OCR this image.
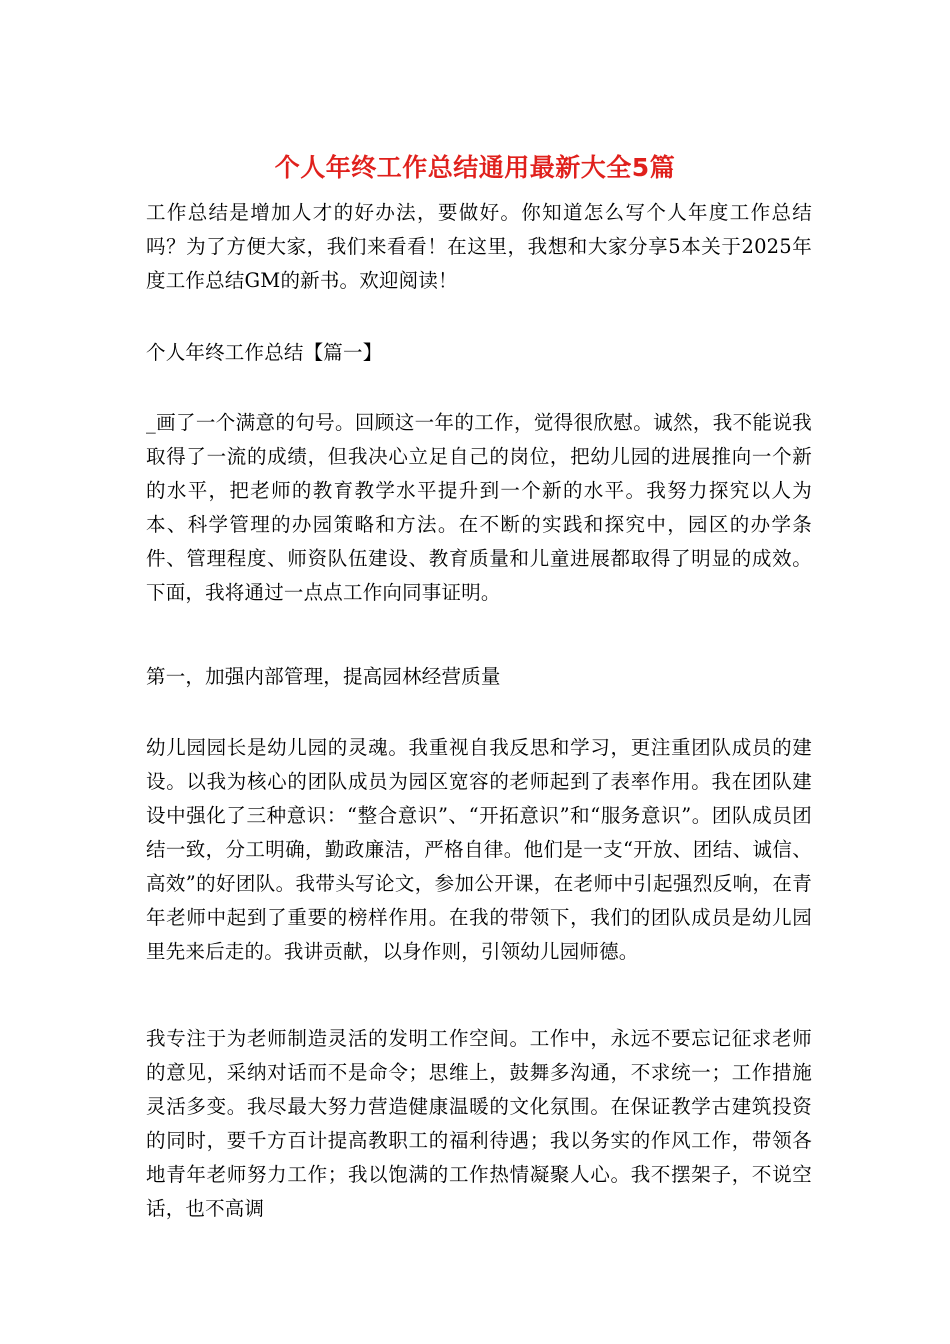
个人年终工作总结通用最新大全5篇

工作总结是增加人才的好办法，要做好。你知道怎么写个人年度工作总结吗？为了方便大家，我们来看看！在这里，我想和大家分享5本关于2025年度工作总结GM的新书。欢迎阅读！

个人年终工作总结【篇一】

_画了一个满意的句号。回顾这一年的工作，觉得很欣慰。诚然，我不能说我取得了一流的成绩，但我决心立足自己的岗位，把幼儿园的进展推向一个新的水平，把老师的教育教学水平提升到一个新的水平。我努力探究以人为本、科学管理的办园策略和方法。在不断的实践和探究中，园区的办学条件、管理程度、师资队伍建设、教育质量和儿童进展都取得了明显的成效。下面，我将通过一点点工作向同事证明。

第一，加强内部管理，提高园林经营质量

幼儿园园长是幼儿园的灵魂。我重视自我反思和学习，更注重团队成员的建设。以我为核心的团队成员为园区宽容的老师起到了表率作用。我在团队建设中强化了三种意识：“整合意识”、“开拓意识”和“服务意识”。团队成员团结一致，分工明确，勤政廉洁，严格自律。他们是一支“开放、团结、诚信、高效”的好团队。我带头写论文，参加公开课，在老师中引起强烈反响，在青年老师中起到了重要的榜样作用。在我的带领下，我们的团队成员是幼儿园里先来后走的。我讲贡献，以身作则，引领幼儿园师德。

我专注于为老师制造灵活的发明工作空间。工作中，永远不要忘记征求老师的意见，采纳对话而不是命令；思维上，鼓舞多沟通，不求统一；工作措施灵活多变。我尽最大努力营造健康温暖的文化氛围。在保证教学古建筑投资的同时，要千方百计提高教职工的福利待遇；我以务实的作风工作，带领各地青年老师努力工作；我以饱满的工作热情凝聚人心。我不摆架子，不说空话，也不高调
